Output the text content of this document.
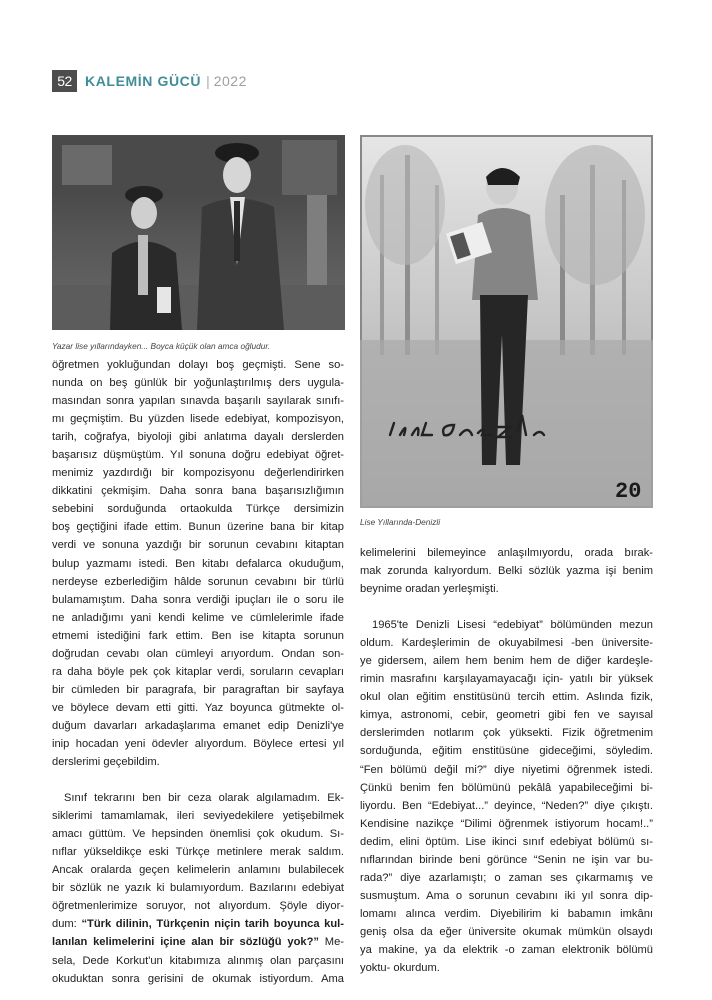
52 KALEMİN GÜCÜ | 2022
Yazar lise yıllarındayken... Boyca küçük olan amca oğludur.
20
Lise Yıllarında-Denizli

öğretmen yokluğundan dolayı boş geçmişti. Sene so-
nunda on beş günlük bir yoğunlaştırılmış ders uygula-
masından sonra yapılan sınavda başarılı sayılarak sınıfı-
mı geçmiştim. Bu yüzden lisede edebiyat, kompozisyon,
tarih, coğrafya, biyoloji gibi anlatıma dayalı derslerden
başarısız düşmüştüm. Yıl sonuna doğru edebiyat öğret-
menimiz yazdırdığı bir kompozisyonu değerlendirirken
dikkatini çekmişim. Daha sonra bana başarısızlığımın
sebebini sorduğunda ortaokulda Türkçe dersimizin
boş geçtiğini ifade ettim. Bunun üzerine bana bir kitap
verdi ve sonuna yazdığı bir sorunun cevabını kitaptan
bulup yazmamı istedi. Ben kitabı defalarca okuduğum,
nerdeyse ezberlediğim hâlde sorunun cevabını bir türlü
bulamamıştım. Daha sonra verdiği ipuçları ile o soru ile
ne anladığımı yani kendi kelime ve cümlelerimle ifade
etmemi istediğini fark ettim. Ben ise kitapta sorunun
doğrudan cevabı olan cümleyi arıyordum. Ondan son-
ra daha böyle pek çok kitaplar verdi, soruların cevapları
bir cümleden bir paragrafa, bir paragraftan bir sayfaya
ve böylece devam etti gitti. Yaz boyunca gütmekte ol-
duğum davarları arkadaşlarıma emanet edip Denizli'ye
inip hocadan yeni ödevler alıyordum. Böylece ertesi yıl
derslerimi geçebildim.

Sınıf tekrarını ben bir ceza olarak algılamadım. Ek-
siklerimi tamamlamak, ileri seviyedekilere yetişebilmek
amacı güttüm. Ve hepsinden önemlisi çok okudum. Sı-
nıflar yükseldikçe eski Türkçe metinlere merak saldım.
Ancak oralarda geçen kelimelerin anlamını bulabilecek
bir sözlük ne yazık ki bulamıyordum. Bazılarını edebiyat
öğretmenlerimize soruyor, not alıyordum. Şöyle diyor-
dum: “Türk dilinin, Türkçenin niçin tarih boyunca kul-
lanılan kelimelerini içine alan bir sözlüğü yok?” Me-
sela, Dede Korkut'un kitabımıza alınmış olan parçasını
okuduktan sonra gerisini de okumak istiyordum. Ama

kelimelerini bilemeyince anlaşılmıyordu, orada bırak-
mak zorunda kalıyordum. Belki sözlük yazma işi benim
beynime oradan yerleşmişti.

1965'te Denizli Lisesi “edebiyat” bölümünden mezun
oldum. Kardeşlerimin de okuyabilmesi -ben üniversite-
ye gidersem, ailem hem benim hem de diğer kardeşle-
rimin masrafını karşılayamayacağı için- yatılı bir yüksek
okul olan eğitim enstitüsünü tercih ettim. Aslında fizik,
kimya, astronomi, cebir, geometri gibi fen ve sayısal
derslerimden notlarım çok yüksekti. Fizik öğretmenim
sorduğunda, eğitim enstitüsüne gideceğimi, söyledim.
“Fen bölümü değil mi?” diye niyetimi öğrenmek istedi.
Çünkü benim fen bölümünü pekâlâ yapabileceğimi bi-
liyordu. Ben “Edebiyat...” deyince, “Neden?” diye çıkıştı.
Kendisine nazikçe “Dilimi öğrenmek istiyorum hocam!..”
dedim, elini öptüm. Lise ikinci sınıf edebiyat bölümü sı-
nıflarından birinde beni görünce “Senin ne işin var bu-
rada?” diye azarlamıştı; o zaman ses çıkarmamış ve
susmuştum. Ama o sorunun cevabını iki yıl sonra dip-
lomamı alınca verdim. Diyebilirim ki babamın imkânı
geniş olsa da eğer üniversite okumak mümkün olsaydı
ya makine, ya da elektrik -o zaman elektronik bölümü
yoktu- okurdum.
